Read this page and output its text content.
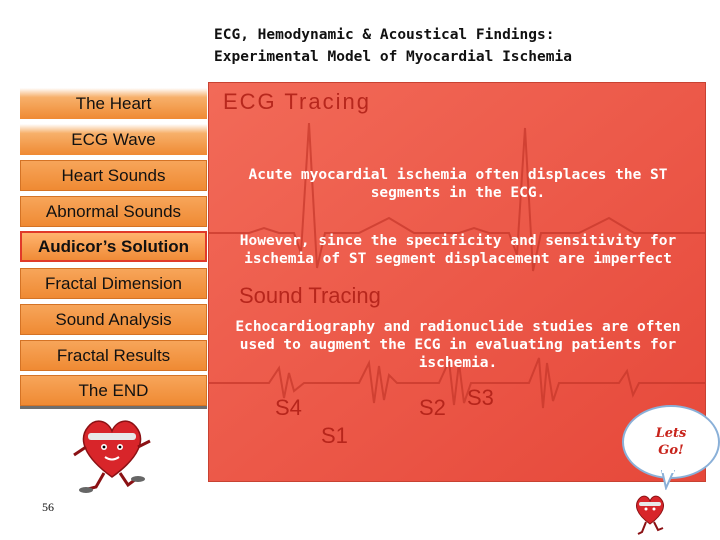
ECG, Hemodynamic & Acoustical Findings:
Experimental Model of Myocardial Ischemia
The Heart
ECG Wave
Heart Sounds
Abnormal Sounds
Audicor’s Solution
Fractal Dimension
Sound Analysis
Fractal Results
The END
ECG Tracing
Sound Tracing
S4	S2 S3
S1
Acute myocardial ischemia often displaces the ST segments in the ECG.
However, since the specificity and sensitivity for ischemia of ST segment displacement are imperfect
Echocardiography and radionuclide studies are often used to augment the ECG in evaluating patients for ischemia.
Lets
Go!
56
